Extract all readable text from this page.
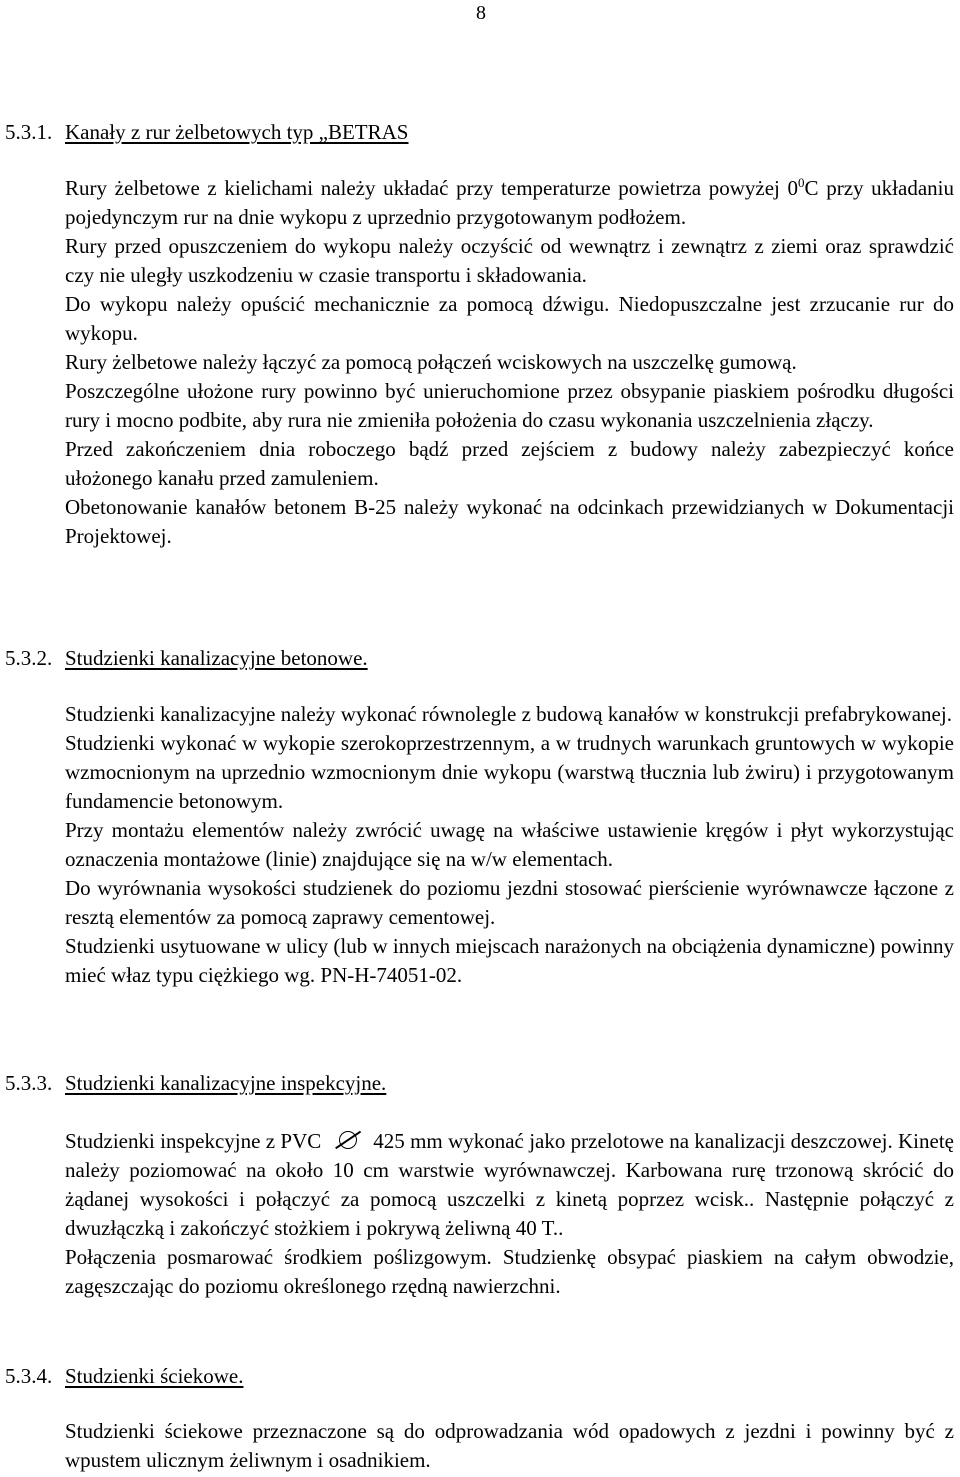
8
5.3.1. Kanały z rur żelbetowych typ „BETRAS

Rury żelbetowe z kielichami należy układać przy temperaturze powietrza powyżej $0^0C$ przy układaniu pojedynczym rur na dnie wykopu z uprzednio przygotowanym podłożem.

Rury przed opuszczeniem do wykopu należy oczyścić od wewnątrz i zewnątrz z ziemi oraz sprawdzić czy nie uległy uszkodzeniu w czasie transportu i składowania.

Do wykopu należy opuścić mechanicznie za pomocą dźwigu. Niedopuszczalne jest zrzucanie rur do wykopu.

Rury żelbetowe należy łączyć za pomocą połączeń wciskowych na uszczelkę gumową.

Poszczególne ułożone rury powinno być unieruchomione przez obsypanie piaskiem pośrodku długości rury i mocno podbite, aby rura nie zmieniła położenia do czasu wykonania uszczelnienia złączy.

Przed zakończeniem dnia roboczego bądź przed zejściem z budowy należy zabezpieczyć końce ułożonego kanału przed zamuleniem.

Obetonowanie kanałów betonem B-25 należy wykonać na odcinkach przewidzianych w Dokumentacji Projektowej.

5.3.2. Studzienki kanalizacyjne betonowe.

Studzienki kanalizacyjne należy wykonać równolegle z budową kanałów w konstrukcji prefabrykowanej.

Studzienki wykonać w wykopie szerokoprzestrzennym, a w trudnych warunkach gruntowych w wykopie wzmocnionym na uprzednio wzmocnionym dnie wykopu (warstwą tłucznia lub żwiru) i przygotowanym fundamencie betonowym.

Przy montażu elementów należy zwrócić uwagę na właściwe ustawienie kręgów i płyt wykorzystując oznaczenia montażowe (linie) znajdujące się na w/w elementach.

Do wyrównania wysokości studzienek do poziomu jezdni stosować pierścienie wyrównawcze łączone z resztą elementów za pomocą zaprawy cementowej.

Studzienki usytuowane w ulicy (lub w innych miejscach narażonych na obciążenia dynamiczne) powinny mieć właz typu ciężkiego wg. PN-H-74051-02.

5.3.3. Studzienki kanalizacyjne inspekcyjne.

Studzienki inspekcyjne z PVC 425 mm wykonać jako przelotowe na kanalizacji deszczowej. Kinetę należy poziomować na około 10 cm warstwie wyrównawczej. Karbowana rurę trzonową skrócić do żądanej wysokości i połączyć za pomocą uszczelki z kinetą poprzez wcisk.. Następnie połączyć z dwuzłączką i zakończyć stożkiem i pokrywą żeliwną 40 T..

Połączenia posmarować środkiem poślizgowym. Studzienkę obsypać piaskiem na całym obwodzie, zagęszczając do poziomu określonego rzędną nawierzchni.

5.3.4. Studzienki ściekowe.

Studzienki ściekowe przeznaczone są do odprowadzania wód opadowych z jezdni i powinny być z wpustem ulicznym żeliwnym i osadnikiem.
